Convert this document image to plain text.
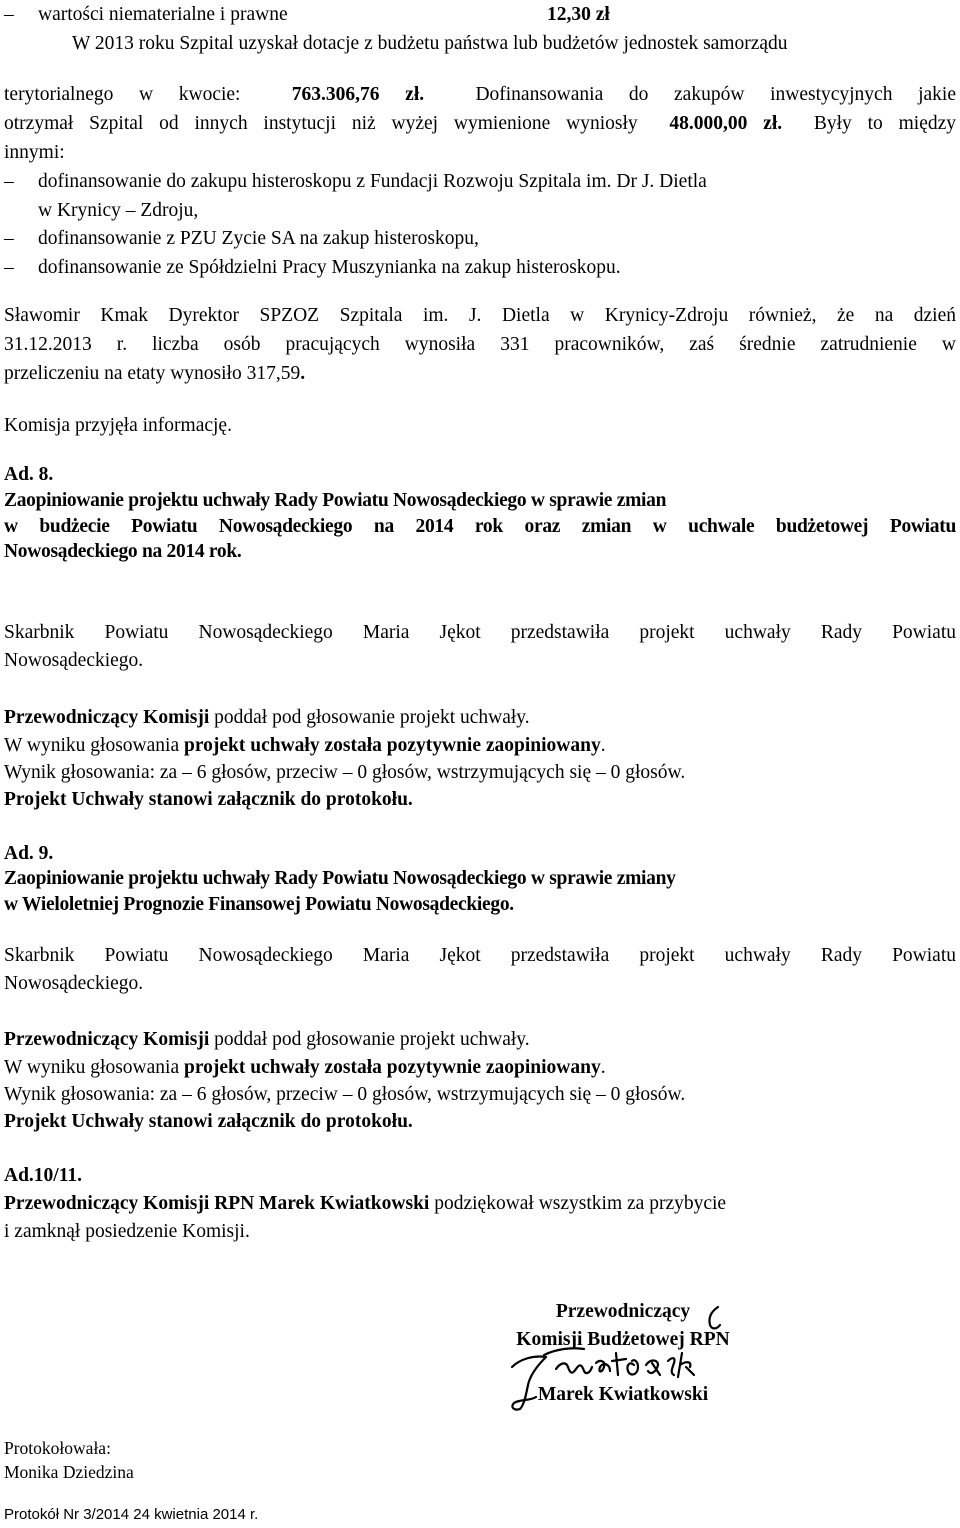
–	wartości niematerialne i prawne	12,30 zł
W 2013 roku Szpital uzyskał dotacje z budżetu państwa lub budżetów jednostek samorządu
terytorialnego w kwocie:	763.306,76 zł.	Dofinansowania do zakupów inwestycyjnych jakie
otrzymał Szpital od innych instytucji niż wyżej wymienione wyniosły 48.000,00 zł. Były to między
innymi:
–	dofinansowanie do zakupu histeroskopu z Fundacji Rozwoju Szpitala im. Dr J. Dietla
w Krynicy – Zdroju,
–	dofinansowanie z PZU Zycie SA na zakup histeroskopu,
–	dofinansowanie ze Spółdzielni Pracy Muszynianka na zakup histeroskopu.
Sławomir Kmak Dyrektor SPZOZ Szpitala im. J. Dietla w Krynicy-Zdroju również, że na dzień
31.12.2013 r. liczba osób pracujących wynosiła 331 pracowników, zaś średnie zatrudnienie w
przeliczeniu na etaty wynosiło 317,59.
Komisja przyjęła informację.
Ad. 8.
Zaopiniowanie projektu uchwały Rady Powiatu Nowosądeckiego w sprawie zmian
w budżecie Powiatu Nowosądeckiego na 2014 rok oraz zmian w uchwale budżetowej Powiatu
Nowosądeckiego na 2014 rok.
Skarbnik Powiatu Nowosądeckiego Maria Jękot przedstawiła projekt uchwały Rady Powiatu
Nowosądeckiego.
Przewodniczący Komisji poddał pod głosowanie projekt uchwały.
W wyniku głosowania projekt uchwały została pozytywnie zaopiniowany.
Wynik głosowania: za – 6 głosów, przeciw – 0 głosów, wstrzymujących się – 0 głosów.
Projekt Uchwały stanowi załącznik do protokołu.
Ad. 9.
Zaopiniowanie projektu uchwały Rady Powiatu Nowosądeckiego w sprawie zmiany
w Wieloletniej Prognozie Finansowej Powiatu Nowosądeckiego.
Skarbnik Powiatu Nowosądeckiego Maria Jękot przedstawiła projekt uchwały Rady Powiatu
Nowosądeckiego.
Przewodniczący Komisji poddał pod głosowanie projekt uchwały.
W wyniku głosowania projekt uchwały została pozytywnie zaopiniowany.
Wynik głosowania: za – 6 głosów, przeciw – 0 głosów, wstrzymujących się – 0 głosów.
Projekt Uchwały stanowi załącznik do protokołu.
Ad.10/11.
Przewodniczący Komisji RPN Marek Kwiatkowski podziękował wszystkim za przybycie
i zamknął posiedzenie Komisji.
Przewodniczący
Komisji Budżetowej RPN
Marek Kwiatkowski
Protokołowała:
Monika Dziedzina
Protokół Nr 3/2014 24 kwietnia 2014 r.
